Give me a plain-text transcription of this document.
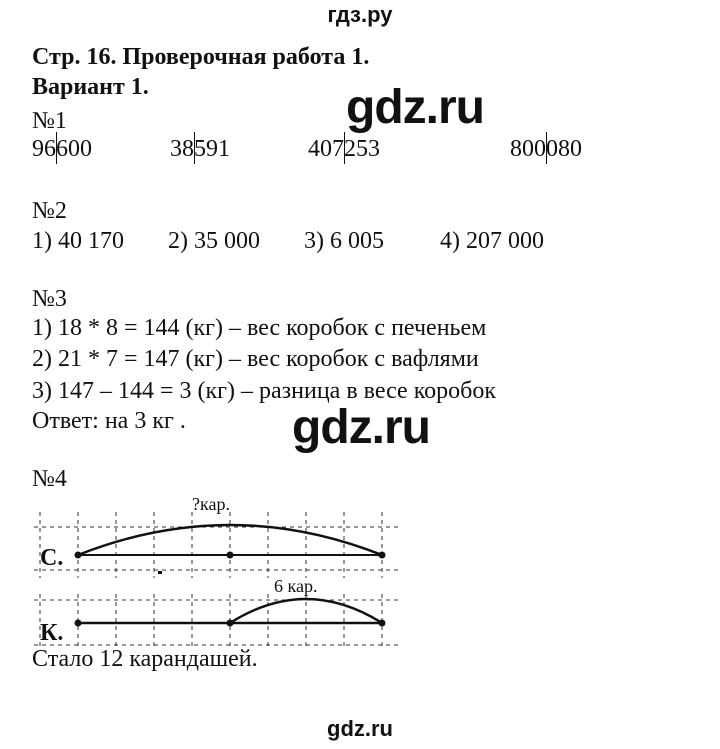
гдз.ру
Стр. 16. Проверочная работа 1.
Вариант 1.	gdz.ru
gdz.ru
№1
96600	38591	407253	800080
№2
1) 40 170 2) 35 000 3) 6 005 4) 207 000
№3
1) 18 * 8 = 144 (кг) – вес коробок с печеньем
2) 21 * 7 = 147 (кг) – вес коробок с вафлями
3) 147 – 144 = 3 (кг) – разница в весе коробок
Ответ: на 3 кг .
№4
С.
К.
?кар.
6 кар.
Стало 12 карандашей.
gdz.ru
